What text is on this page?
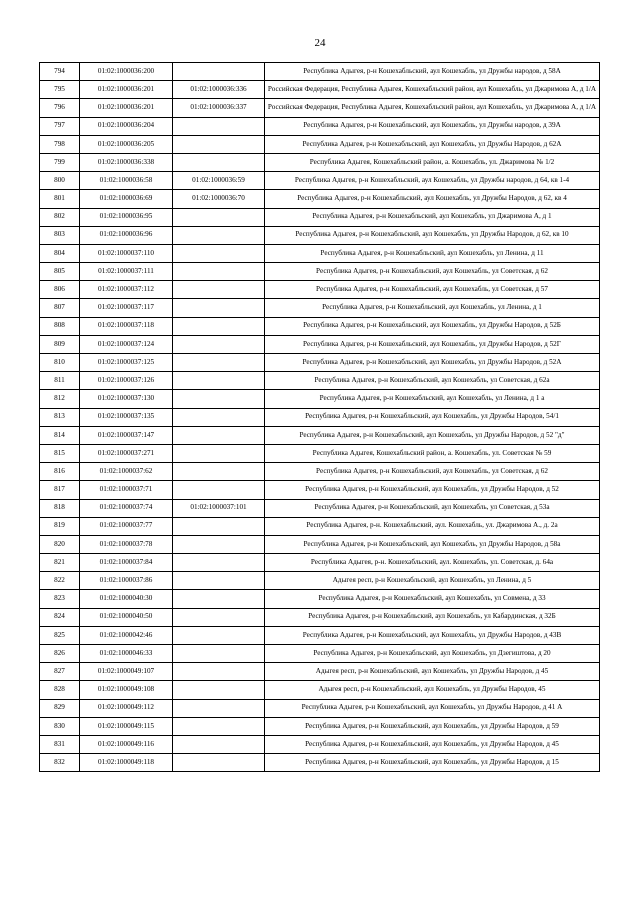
24
794	01:02:1000036:200		Республика Адыгея, р-н Кошехабльский, аул Кошехабль, ул Дружбы народов, д 58А
795	01:02:1000036:201	01:02:1000036:336	Российская Федерация, Республика Адыгея, Кошехабльский район, аул Кошехабль, ул Джаримова А, д 1/А
796	01:02:1000036:201	01:02:1000036:337	Российская Федерация, Республика Адыгея, Кошехабльский район, аул Кошехабль, ул Джаримова А, д 1/А
797	01:02:1000036:204		Республика Адыгея, р-н Кошехабльский, аул Кошехабль, ул Дружбы народов, д 39А
798	01:02:1000036:205		Республика Адыгея, р-н Кошехабльский, аул Кошехабль, ул Дружбы Народов, д 62А
799	01:02:1000036:338		Республика Адыгея, Кошехабльский район, а. Кошехабль, ул. Джаримова № 1/2
800	01:02:1000036:58	01:02:1000036:59	Республика Адыгея, р-н Кошехабльский, аул Кошехабль, ул Дружбы народов, д 64, кв 1-4
801	01:02:1000036:69	01:02:1000036:70	Республика Адыгея, р-н Кошехабльский, аул Кошехабль, ул Дружбы Народов, д 62, кв 4
802	01:02:1000036:95		Республика Адыгея, р-н Кошехабльский, аул Кошехабль, ул Джаримова А, д 1
803	01:02:1000036:96		Республика Адыгея, р-н Кошехабльский, аул Кошехабль, ул Дружбы Народов, д 62, кв 10
804	01:02:1000037:110		Республика Адыгея, р-н Кошехабльский, аул Кошехабль, ул Ленина, д 11
805	01:02:1000037:111		Республика Адыгея, р-н Кошехабльский, аул Кошехабль, ул Советская, д 62
806	01:02:1000037:112		Республика Адыгея, р-н Кошехабльский, аул Кошехабль, ул Советская, д 57
807	01:02:1000037:117		Республика Адыгея, р-н Кошехабльский, аул Кошехабль, ул Ленина, д 1
808	01:02:1000037:118		Республика Адыгея, р-н Кошехабльский, аул Кошехабль, ул Дружбы Народов, д 52Б
809	01:02:1000037:124		Республика Адыгея, р-н Кошехабльский, аул Кошехабль, ул Дружбы Народов, д 52Г
810	01:02:1000037:125		Республика Адыгея, р-н Кошехабльский, аул Кошехабль, ул Дружбы Народов, д 52А
811	01:02:1000037:126		Республика Адыгея, р-н Кошехабльский, аул Кошехабль, ул Советская, д 62а
812	01:02:1000037:130		Республика Адыгея, р-н Кошехабльский, аул Кошехабль, ул Ленина, д 1 а
813	01:02:1000037:135		Республика Адыгея, р-н Кошехабльский, аул Кошехабль, ул Дружбы Народов, 54/1
814	01:02:1000037:147		Республика Адыгея, р-н Кошехабльский, аул Кошехабль, ул Дружбы Народов, д 52 "д"
815	01:02:1000037:271		Республика Адыгея, Кошехабльский район, а. Кошехабль, ул. Советская № 59
816	01:02:1000037:62		Республика Адыгея, р-н Кошехабльский, аул Кошехабль, ул Советская, д 62
817	01:02:1000037:71		Республика Адыгея, р-н Кошехабльский, аул Кошехабль, ул Дружбы Народов, д 52
818	01:02:1000037:74	01:02:1000037:101	Республика Адыгея, р-н Кошехабльский, аул Кошехабль, ул Советская, д 53а
819	01:02:1000037:77		Республика Адыгея, р-н. Кошехабльский, аул. Кошехабль, ул. Джаримова А., д. 2а
820	01:02:1000037:78		Республика Адыгея, р-н Кошехабльский, аул Кошехабль, ул Дружбы Народов, д 58а
821	01:02:1000037:84		Республика Адыгея, р-н. Кошехабльский, аул. Кошехабль, ул. Советская, д. 64а
822	01:02:1000037:86		Адыгея респ, р-н Кошехабльский, аул Кошехабль, ул Ленина, д 5
823	01:02:1000040:30		Республика Адыгея, р-н Кошехабльский, аул Кошехабль, ул Совмена, д 33
824	01:02:1000040:50		Республика Адыгея, р-н Кошехабльский, аул Кошехабль, ул Кабардинская, д 32Б
825	01:02:1000042:46		Республика Адыгея, р-н Кошехабльский, аул Кошехабль, ул Дружбы Народов, д 43В
826	01:02:1000046:33		Республика Адыгея, р-н Кошехабльский, аул Кошехабль, ул Дзегиштова, д 20
827	01:02:1000049:107		Адыгея респ, р-н Кошехабльский, аул Кошехабль, ул Дружбы Народов, д 45
828	01:02:1000049:108		Адыгея респ, р-н Кошехабльский, аул Кошехабль, ул Дружбы Народов, 45
829	01:02:1000049:112		Республика Адыгея, р-н Кошехабльский, аул Кошехабль, ул Дружбы Народов, д 41 А
830	01:02:1000049:115		Республика Адыгея, р-н Кошехабльский, аул Кошехабль, ул Дружбы Народов, д 59
831	01:02:1000049:116		Республика Адыгея, р-н Кошехабльский, аул Кошехабль, ул Дружбы Народов, д 45
832	01:02:1000049:118		Республика Адыгея, р-н Кошехабльский, аул Кошехабль, ул Дружбы Народов, д 15
